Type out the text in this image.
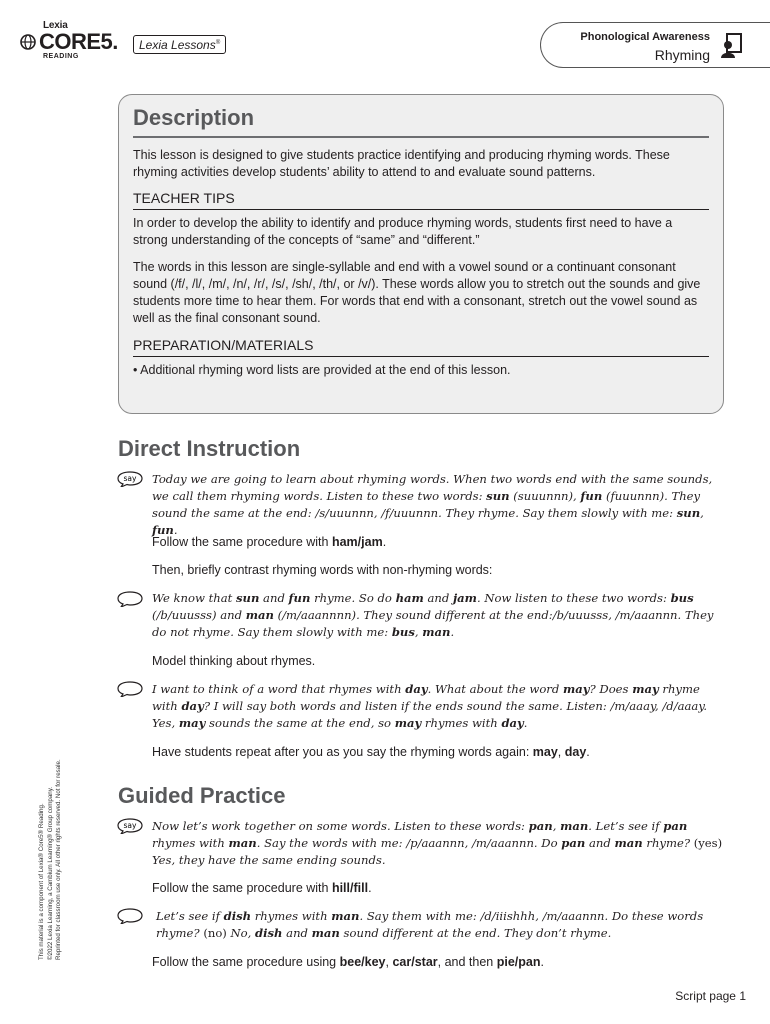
Lexia
CORE5.
READING
Lexia Lessons®	Phonological Awareness
Rhyming
This material is a component of Lexia® Core5® Reading. ©2022 Lexia Learning, a Cambium Learning® Group company. Reprinted for classroom use only. All other rights reserved. Not for resale.
Description

This lesson is designed to give students practice identifying and producing rhyming words. These rhyming activities develop students’ ability to attend to and evaluate sound patterns.

TEACHER TIPS

In order to develop the ability to identify and produce rhyming words, students first need to have a strong understanding of the concepts of “same” and “different.”

The words in this lesson are single-syllable and end with a vowel sound or a continuant consonant sound (/f/, /l/, /m/, /n/, /r/, /s/, /sh/, /th/, or /v/). These words allow you to stretch out the sounds and give students more time to hear them. For words that end with a consonant, stretch out the vowel sound as well as the final consonant sound.

PREPARATION/MATERIALS

• Additional rhyming word lists are provided at the end of this lesson.

Direct Instruction
say Today we are going to learn about rhyming words. When two words end with the same sounds, we call them rhyming words. Listen to these two words: sun (suuunnn), fun (fuuunnn). They sound the same at the end: /s/uuunnn, /f/uuunnn. They rhyme. Say them slowly with me: sun, fun.
Follow the same procedure with ham/jam.
Then, briefly contrast rhyming words with non-rhyming words:
We know that sun and fun rhyme. So do ham and jam. Now listen to these two words: bus (/b/uuusss) and man (/m/aaannnn). They sound different at the end:/b/uuusss, /m/aaannn. They do not rhyme. Say them slowly with me: bus, man.
Model thinking about rhymes.
I want to think of a word that rhymes with day. What about the word may? Does may rhyme with day? I will say both words and listen if the ends sound the same. Listen: /m/aaay, /d/aaay. Yes, may sounds the same at the end, so may rhymes with day.
Have students repeat after you as you say the rhyming words again: may, day.
Guided Practice
say Now let’s work together on some words. Listen to these words: pan, man. Let’s see if pan rhymes with man. Say the words with me: /p/aaannn, /m/aaannn. Do pan and man rhyme? (yes) Yes, they have the same ending sounds.
Follow the same procedure with hill/fill.
Let’s see if dish rhymes with man. Say them with me: /d/iiishhh, /m/aaannn. Do these words rhyme? (no) No, dish and man sound different at the end. They don’t rhyme.
Follow the same procedure using bee/key, car/star, and then pie/pan.
Script page 1
